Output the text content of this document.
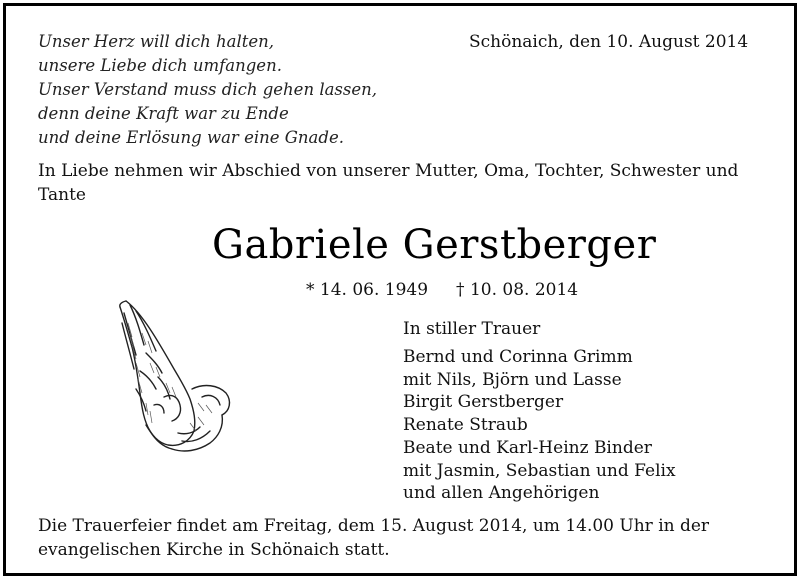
Unser Herz will dich halten,
unsere Liebe dich umfangen.
Unser Verstand muss dich gehen lassen,
denn deine Kraft war zu Ende
und deine Erlösung war eine Gnade.
Schönaich, den 10. August 2014
In Liebe nehmen wir Abschied von unserer Mutter, Oma, Tochter, Schwester und Tante
Gabriele Gerstberger
* 14. 06. 1949 † 10. 08. 2014
In stiller Trauer
Bernd und Corinna Grimm
mit Nils, Björn und Lasse
Birgit Gerstberger
Renate Straub
Beate und Karl-Heinz Binder
mit Jasmin, Sebastian und Felix
und allen Angehörigen
Die Trauerfeier findet am Freitag, dem 15. August 2014, um 14.00 Uhr in der evangelischen Kirche in Schönaich statt.
